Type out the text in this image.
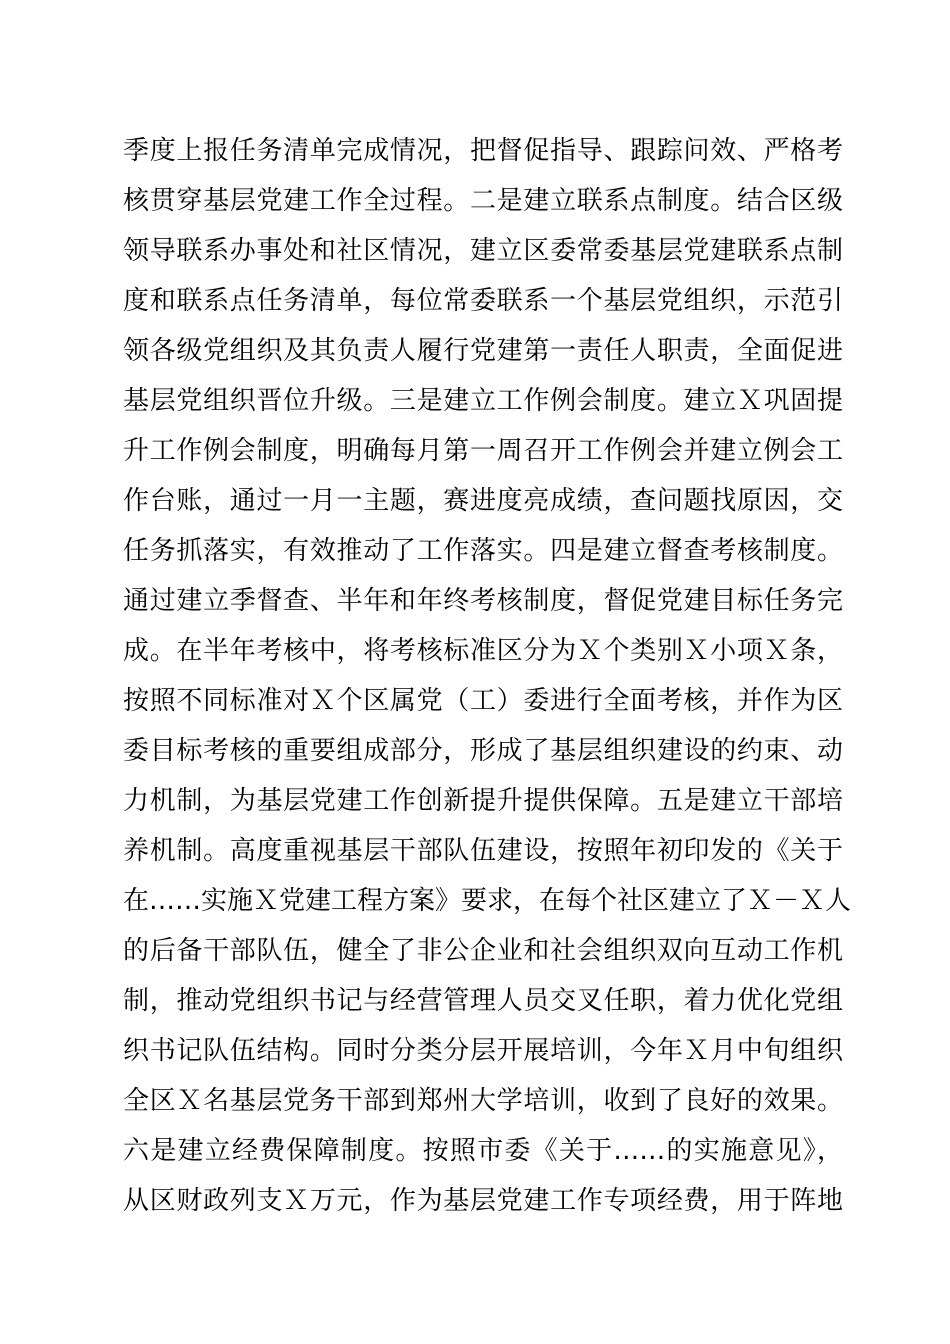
季度上报任务清单完成情况，把督促指导、跟踪问效、严格考
核贯穿基层党建工作全过程。二是建立联系点制度。结合区级
领导联系办事处和社区情况，建立区委常委基层党建联系点制
度和联系点任务清单，每位常委联系一个基层党组织，示范引
领各级党组织及其负责人履行党建第一责任人职责，全面促进
基层党组织晋位升级。三是建立工作例会制度。建立Ｘ巩固提
升工作例会制度，明确每月第一周召开工作例会并建立例会工
作台账，通过一月一主题，赛进度亮成绩，查问题找原因，交
任务抓落实，有效推动了工作落实。四是建立督查考核制度。
通过建立季督查、半年和年终考核制度，督促党建目标任务完
成。在半年考核中，将考核标准区分为Ｘ个类别Ｘ小项Ｘ条，
按照不同标准对Ｘ个区属党（工）委进行全面考核，并作为区
委目标考核的重要组成部分，形成了基层组织建设的约束、动
力机制，为基层党建工作创新提升提供保障。五是建立干部培
养机制。高度重视基层干部队伍建设，按照年初印发的《关于
在……实施Ｘ党建工程方案》要求，在每个社区建立了Ｘ－Ｘ人
的后备干部队伍，健全了非公企业和社会组织双向互动工作机
制，推动党组织书记与经营管理人员交叉任职，着力优化党组
织书记队伍结构。同时分类分层开展培训，今年Ｘ月中旬组织
全区Ｘ名基层党务干部到郑州大学培训，收到了良好的效果。
六是建立经费保障制度。按照市委《关于……的实施意见》，
从区财政列支Ｘ万元，作为基层党建工作专项经费，用于阵地
